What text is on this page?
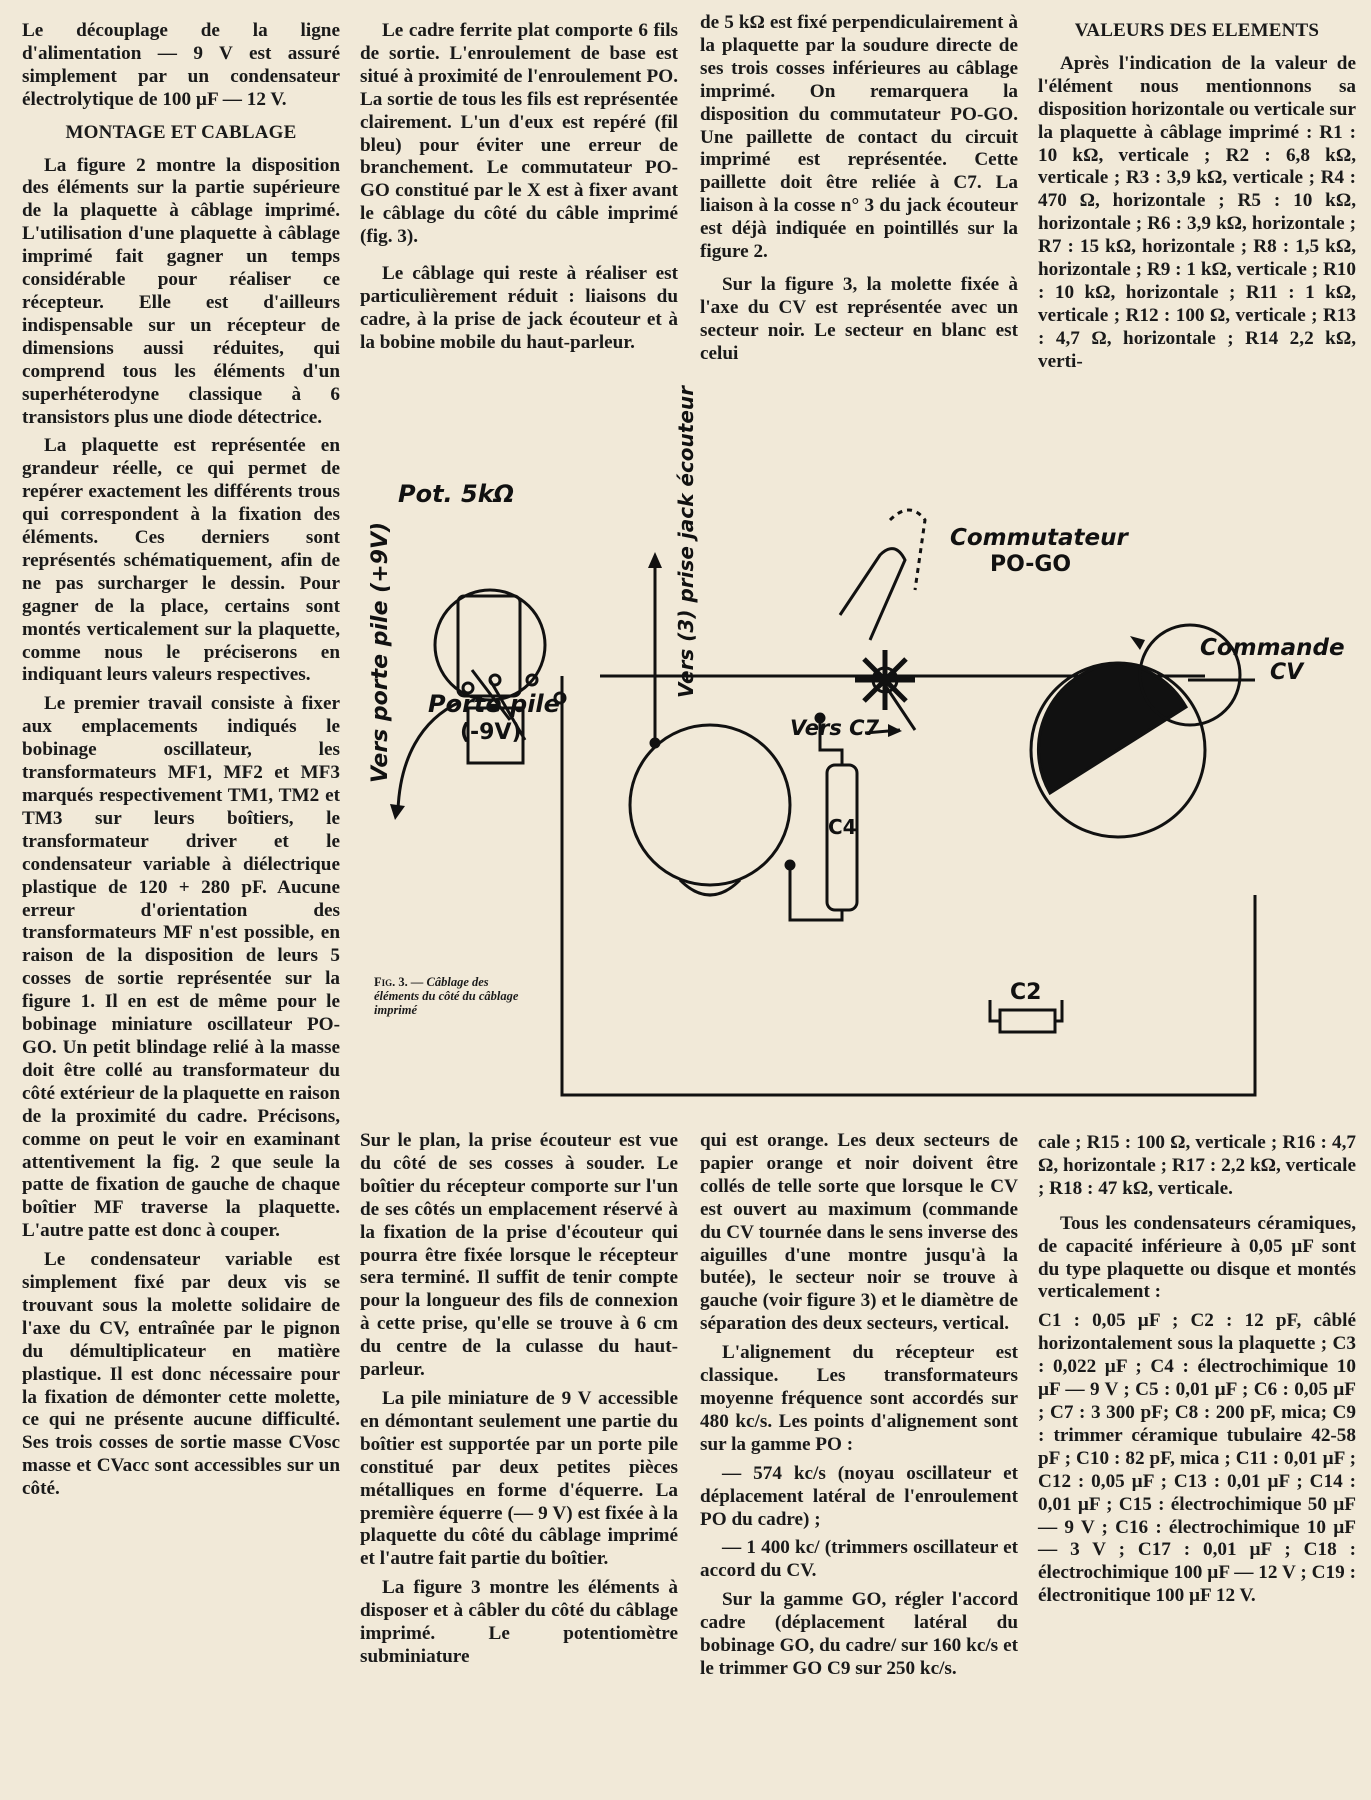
Le découplage de la ligne d'alimentation — 9 V est assuré simplement par un condensateur électrolytique de 100 µF — 12 V.

MONTAGE ET CABLAGE

La figure 2 montre la disposition des éléments sur la partie supérieure de la plaquette à câblage imprimé. L'utilisation d'une plaquette à câblage imprimé fait gagner un temps considérable pour réaliser ce récepteur. Elle est d'ailleurs indispensable sur un récepteur de dimensions aussi réduites, qui comprend tous les éléments d'un superhéterodyne classique à 6 transistors plus une diode détectrice.

La plaquette est représentée en grandeur réelle, ce qui permet de repérer exactement les différents trous qui correspondent à la fixation des éléments. Ces derniers sont représentés schématiquement, afin de ne pas surcharger le dessin. Pour gagner de la place, certains sont montés verticalement sur la plaquette, comme nous le préciserons en indiquant leurs valeurs respectives.

Le premier travail consiste à fixer aux emplacements indiqués le bobinage oscillateur, les transformateurs MF1, MF2 et MF3 marqués respectivement TM1, TM2 et TM3 sur leurs boîtiers, le transformateur driver et le condensateur variable à diélectrique plastique de 120 + 280 pF. Aucune erreur d'orientation des transformateurs MF n'est possible, en raison de la disposition de leurs 5 cosses de sortie représentée sur la figure 1. Il en est de même pour le bobinage miniature oscillateur PO-GO. Un petit blindage relié à la masse doit être collé au transformateur du côté extérieur de la plaquette en raison de la proximité du cadre. Précisons, comme on peut le voir en examinant attentivement la fig. 2 que seule la patte de fixation de gauche de chaque boîtier MF traverse la plaquette. L'autre patte est donc à couper.

Le condensateur variable est simplement fixé par deux vis se trouvant sous la molette solidaire de l'axe du CV, entraînée par le pignon du démultiplicateur en matière plastique. Il est donc nécessaire pour la fixation de démonter cette molette, ce qui ne présente aucune difficulté. Ses trois cosses de sortie masse CVosc masse et CVacc sont accessibles sur un côté.

Le cadre ferrite plat comporte 6 fils de sortie. L'enroulement de base est situé à proximité de l'enroulement PO. La sortie de tous les fils est représentée clairement. L'un d'eux est repéré (fil bleu) pour éviter une erreur de branchement. Le commutateur PO-GO constitué par le X est à fixer avant le câblage du côté du câble imprimé (fig. 3).

Le câblage qui reste à réaliser est particulièrement réduit : liaisons du cadre, à la prise de jack écouteur et à la bobine mobile du haut-parleur.

de 5 kΩ est fixé perpendiculairement à la plaquette par la soudure directe de ses trois cosses inférieures au câblage imprimé. On remarquera la disposition du commutateur PO-GO. Une paillette de contact du circuit imprimé est représentée. Cette paillette doit être reliée à C7. La liaison à la cosse n° 3 du jack écouteur est déjà indiquée en pointillés sur la figure 2.

Sur la figure 3, la molette fixée à l'axe du CV est représentée avec un secteur noir. Le secteur en blanc est celui

VALEURS DES ELEMENTS

Après l'indication de la valeur de l'élément nous mentionnons sa disposition horizontale ou verticale sur la plaquette à câblage imprimé : R1 : 10 kΩ, verticale ; R2 : 6,8 kΩ, verticale ; R3 : 3,9 kΩ, verticale ; R4 : 470 Ω, horizontale ; R5 : 10 kΩ, horizontale ; R6 : 3,9 kΩ, horizontale ; R7 : 15 kΩ, horizontale ; R8 : 1,5 kΩ, horizontale ; R9 : 1 kΩ, verticale ; R10 : 10 kΩ, horizontale ; R11 : 1 kΩ, verticale ; R12 : 100 Ω, verticale ; R13 : 4,7 Ω, horizontale ; R14 2,2 kΩ, verti-

Pot. 5kΩ
Vers porte pile (+9V) Porte pile
(-9V)
Vers (3) prise jack écouteur	Commutateur
PO-GO
Commande
CV
Vers C7
C4
C2
Fig. 3. — Câblage des éléments du côté du câblage imprimé

Sur le plan, la prise écouteur est vue du côté de ses cosses à souder. Le boîtier du récepteur comporte sur l'un de ses côtés un emplacement réservé à la fixation de la prise d'écouteur qui pourra être fixée lorsque le récepteur sera terminé. Il suffit de tenir compte pour la longueur des fils de connexion à cette prise, qu'elle se trouve à 6 cm du centre de la culasse du haut-parleur.

La pile miniature de 9 V accessible en démontant seulement une partie du boîtier est supportée par un porte pile constitué par deux petites pièces métalliques en forme d'équerre. La première équerre (— 9 V) est fixée à la plaquette du côté du câblage imprimé et l'autre fait partie du boîtier.

La figure 3 montre les éléments à disposer et à câbler du côté du câblage imprimé. Le potentiomètre subminiature

qui est orange. Les deux secteurs de papier orange et noir doivent être collés de telle sorte que lorsque le CV est ouvert au maximum (commande du CV tournée dans le sens inverse des aiguilles d'une montre jusqu'à la butée), le secteur noir se trouve à gauche (voir figure 3) et le diamètre de séparation des deux secteurs, vertical.

L'alignement du récepteur est classique. Les transformateurs moyenne fréquence sont accordés sur 480 kc/s. Les points d'alignement sont sur la gamme PO :

— 574 kc/s (noyau oscillateur et déplacement latéral de l'enroulement PO du cadre) ;

— 1 400 kc/ (trimmers oscillateur et accord du CV.

Sur la gamme GO, régler l'accord cadre (déplacement latéral du bobinage GO, du cadre/ sur 160 kc/s et le trimmer GO C9 sur 250 kc/s.

cale ; R15 : 100 Ω, verticale ; R16 : 4,7 Ω, horizontale ; R17 : 2,2 kΩ, verticale ; R18 : 47 kΩ, verticale.

Tous les condensateurs céramiques, de capacité inférieure à 0,05 µF sont du type plaquette ou disque et montés verticalement :

C1 : 0,05 µF ; C2 : 12 pF, câblé horizontalement sous la plaquette ; C3 : 0,022 µF ; C4 : électrochimique 10 µF — 9 V ; C5 : 0,01 µF ; C6 : 0,05 µF ; C7 : 3 300 pF; C8 : 200 pF, mica; C9 : trimmer céramique tubulaire 42-58 pF ; C10 : 82 pF, mica ; C11 : 0,01 µF ; C12 : 0,05 µF ; C13 : 0,01 µF ; C14 : 0,01 µF ; C15 : électrochimique 50 µF — 9 V ; C16 : électrochimique 10 µF — 3 V ; C17 : 0,01 µF ; C18 : électrochimique 100 µF — 12 V ; C19 : électronitique 100 µF 12 V.
